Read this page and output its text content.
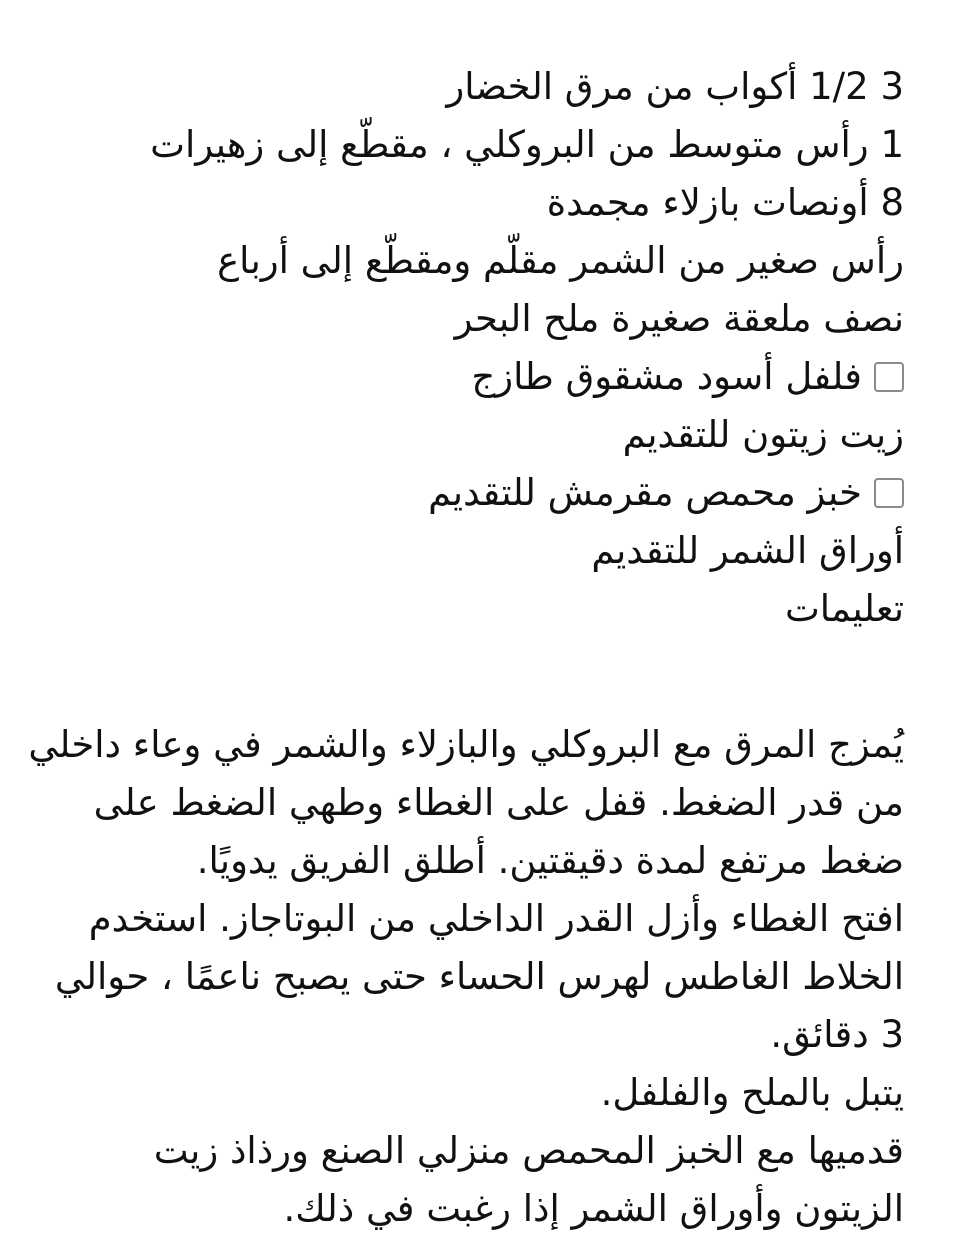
3 1/2 أكواب من مرق الخضار
1 رأس متوسط من البروكلي ، مقطّع إلى زهيرات
8 أونصات بازلاء مجمدة
رأس صغير من الشمر مقلّم ومقطّع إلى أرباع
نصف ملعقة صغيرة ملح البحر
فلفل أسود مشقوق طازج
زيت زيتون للتقديم
خبز محمص مقرمش للتقديم
أوراق الشمر للتقديم
تعليمات
يُمزج المرق مع البروكلي والبازلاء والشمر في وعاء داخلي
من قدر الضغط. قفل على الغطاء وطهي الضغط على
ضغط مرتفع لمدة دقيقتين. أطلق الفريق يدويًا.
افتح الغطاء وأزل القدر الداخلي من البوتاجاز. استخدم
الخلاط الغاطس لهرس الحساء حتى يصبح ناعمًا ، حوالي
3 دقائق.
يتبل بالملح والفلفل.
قدميها مع الخبز المحمص منزلي الصنع ورذاذ زيت
الزيتون وأوراق الشمر إذا رغبت في ذلك.
